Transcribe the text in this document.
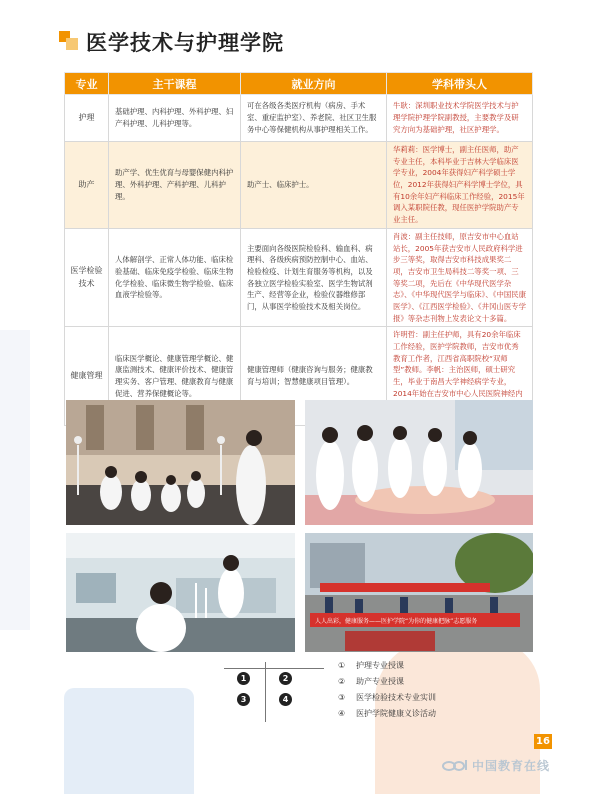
医学技术与护理学院
专业	主干课程	就业方向	学科带头人
护理	基础护理、内科护理、外科护理、妇产科护理、儿科护理等。	可在各级各类医疗机构（病房、手术室、重症监护室）、养老院、社区卫生服务中心等保健机构从事护理相关工作。	牛耿：深圳职业技术学院医学技术与护理学院护理学院副教授，主要教学及研究方向为基础护理，社区护理学。
助产	助产学、优生优育与母婴保健内科护理、外科护理、产科护理、儿科护理。	助产士、临床护士。	华莉莉：医学博士，副主任医师，助产专业主任，本科毕业于吉林大学临床医学专业，2004年获得妇产科学硕士学位，2012年获得妇产科学博士学位，具有10余年妇产科临床工作经验，2015年调入某职院任教，现任医护学院助产专业主任。
医学检验技术	人体解剖学、正常人体功能、临床检验基础、临床免疫学检验、临床生物化学检验、临床微生物学检验、临床血液学检验等。	主要面向各级医院检验科、输血科、病理科、各级疾病预防控制中心、血站、检验检疫、计划生育服务等机构，以及各独立医学检验实验室、医学生物试剂生产、经营等企业，检验仪器维修部门，从事医学检验技术及相关岗位。	肖波：副主任技师，原吉安市中心血站站长，2005年获吉安市人民政府科学进步三等奖，取得吉安市科技成果奖二项，吉安市卫生局科技二等奖一项、三等奖二项，先后在《中华现代医学杂志》、《中华现代医学与临床》、《中国民康医学》、《江西医学检验》、《井冈山医专学报》等杂志刊物上发表论文十多篇。
健康管理	临床医学概论、健康管理学概论、健康监测技术、健康评价技术、健康管理实务、客户管理、健康教育与健康促进、营养保健概论等。	健康管理师（健康咨询与服务；健康教育与培训；智慧健康项目管理）。	许明哲：副主任护师，具有20余年临床工作经验，医护学院教师，吉安市优秀教育工作者，江西省高职院校“双师型”教师。李帆：主治医师，硕士研究生，毕业于南昌大学神经病学专业，2014年始在吉安市中心人民医院神经内
人人出彩，健康服务——医护学院“为你的健康把脉”志愿服务
1	2
3	4
① 护理专业授课
② 助产专业授课
③ 医学检验技术专业实训
④ 医护学院健康义诊活动
16
中国教育在线
